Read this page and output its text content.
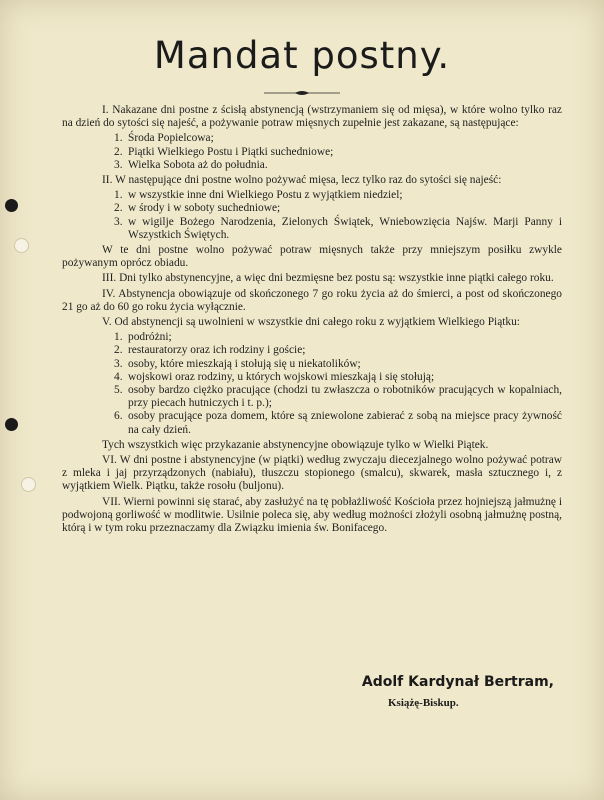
Mandat postny.

I. Nakazane dni postne z ścisłą abstynencją (wstrzymaniem się od mięsa), w które wolno tylko raz na dzień do sytości się najeść, a pożywanie potraw mięsnych zupełnie jest zakazane, są następujące:

1. Środa Popielcowa;
2. Piątki Wielkiego Postu i Piątki suchedniowe;
3. Wielka Sobota aż do południa.

II. W następujące dni postne wolno pożywać mięsa, lecz tylko raz do sytości się najeść:

1. w wszystkie inne dni Wielkiego Postu z wyjątkiem niedziel;
2. w środy i w soboty suchedniowe;
3. w wigilje Bożego Narodzenia, Zielonych Świątek, Wniebowzięcia Najśw. Marji Panny i Wszystkich Świętych.

W te dni postne wolno pożywać potraw mięsnych także przy mniejszym posiłku zwykle pożywanym oprócz obiadu.

III. Dni tylko abstynencyjne, a więc dni bezmięsne bez postu są: wszystkie inne piątki całego roku.

IV. Abstynencja obowiązuje od skończonego 7 go roku życia aż do śmierci, a post od skończonego 21 go aż do 60 go roku życia wyłącznie.

V. Od abstynencji są uwolnieni w wszystkie dni całego roku z wyjątkiem Wielkiego Piątku:

1. podróżni;
2. restauratorzy oraz ich rodziny i goście;
3. osoby, które mieszkają i stołują się u niekatolików;
4. wojskowi oraz rodziny, u których wojskowi mieszkają i się stołują;
5. osoby bardzo ciężko pracujące (chodzi tu zwłaszcza o robotników pracujących w kopalniach, przy piecach hutniczych i t. p.);
6. osoby pracujące poza domem, które są zniewolone zabierać z sobą na miejsce pracy żywność na cały dzień.

Tych wszystkich więc przykazanie abstynencyjne obowiązuje tylko w Wielki Piątek.

VI. W dni postne i abstynencyjne (w piątki) według zwyczaju diecezjalnego wolno pożywać potraw z mleka i jaj przyrządzonych (nabiału), tłuszczu stopionego (smalcu), skwarek, masła sztucznego i, z wyjątkiem Wielk. Piątku, także rosołu (buljonu).

VII. Wierni powinni się starać, aby zasłużyć na tę pobłażliwość Kościoła przez hojniejszą jałmużnę i podwojoną gorliwość w modlitwie. Usilnie poleca się, aby według możności złożyli osobną jałmużnę postną, którą i w tym roku przeznaczamy dla Związku imienia św. Bonifacego.

Adolf Kardynał Bertram,
Książę-Biskup.
